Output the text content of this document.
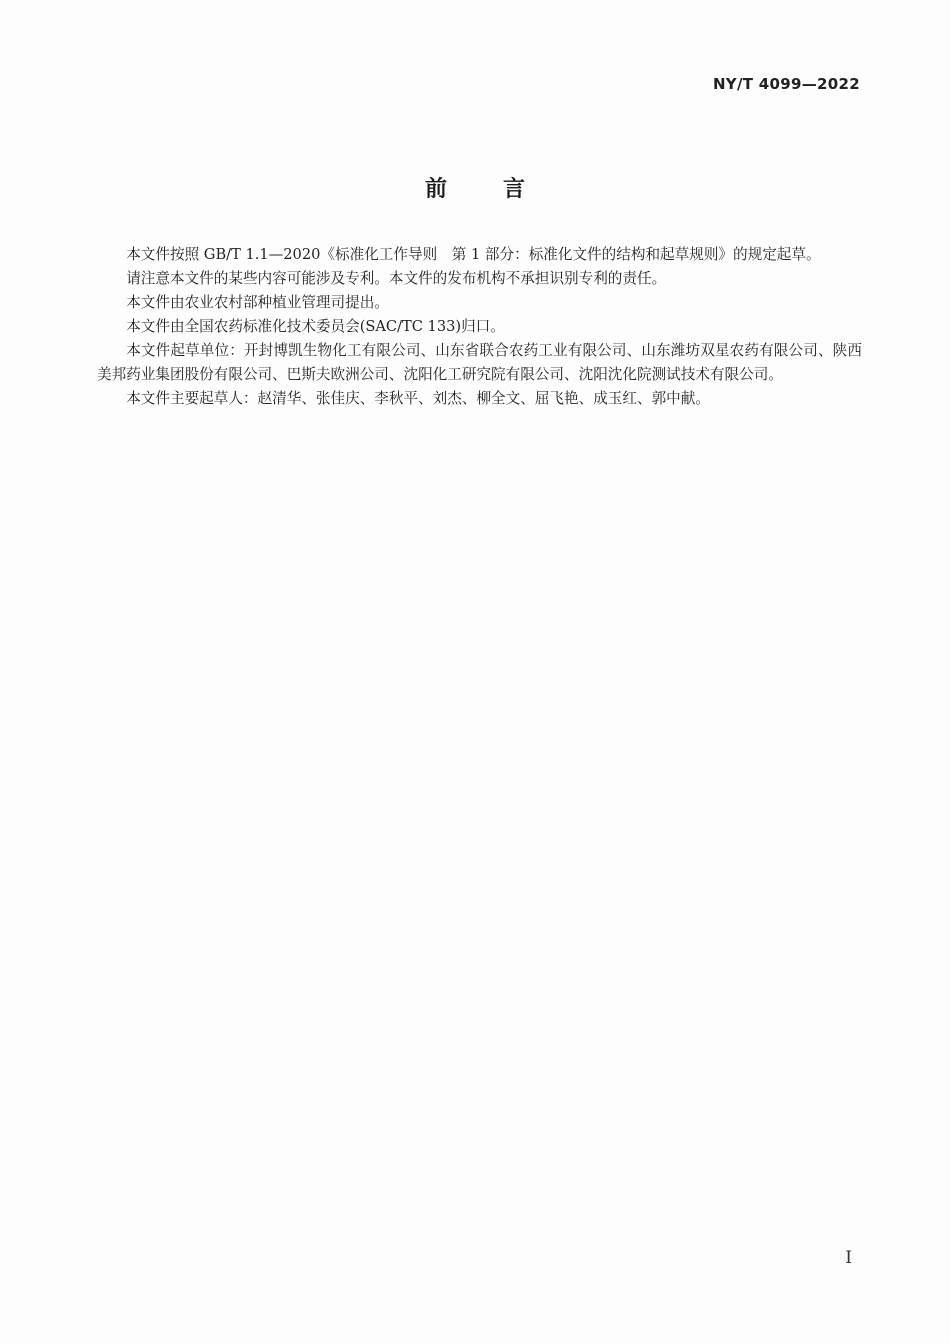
NY/T 4099—2022
前言

本文件按照 GB/T 1.1—2020《标准化工作导则　第 1 部分：标准化文件的结构和起草规则》的规定起草。

请注意本文件的某些内容可能涉及专利。本文件的发布机构不承担识别专利的责任。

本文件由农业农村部种植业管理司提出。

本文件由全国农药标准化技术委员会(SAC/TC 133)归口。

本文件起草单位：开封博凯生物化工有限公司、山东省联合农药工业有限公司、山东潍坊双星农药有限公司、陕西美邦药业集团股份有限公司、巴斯夫欧洲公司、沈阳化工研究院有限公司、沈阳沈化院测试技术有限公司。

本文件主要起草人：赵清华、张佳庆、李秋平、刘杰、柳全文、屈飞艳、成玉红、郭中献。

I
